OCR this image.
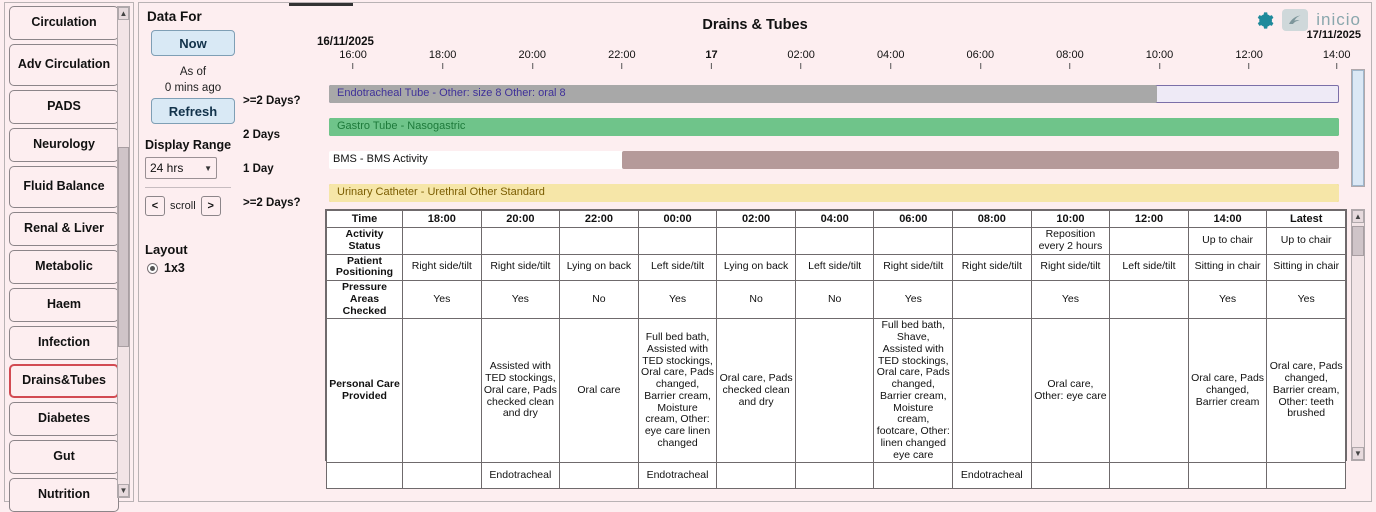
Circulation
Adv Circulation
PADS
Neurology
Fluid Balance
Renal & Liver
Metabolic
Haem
Infection
Drains&Tubes
Diabetes
Gut
Nutrition
▲
▼
Data For
Now
As of
0 mins ago
Refresh
Display Range
24 hrs	▼
<	scroll	>
Layout
1x3
>=2 Days?
2 Days
1 Day
>=2 Days?
Drains & Tubes	inicio
16/11/2025
17/11/2025
16:00	18:00	20:00	22:00	17	02:00	04:00	06:00	08:00	10:00	12:00	14:00
Endotracheal Tube - Other: size 8 Other: oral 8
Gastro Tube - Nasogastric
BMS - BMS Activity
Urinary Catheter - Urethral Other Standard
Time	18:00	20:00	22:00	00:00	02:00	04:00	06:00	08:00	10:00	12:00	14:00	Latest
Activity Status									Reposition every 2 hours		Up to chair	Up to chair
Patient Positioning	Right side/tilt	Right side/tilt	Lying on back	Left side/tilt	Lying on back	Left side/tilt	Right side/tilt	Right side/tilt	Right side/tilt	Left side/tilt	Sitting in chair	Sitting in chair
Pressure Areas Checked	Yes	Yes	No	Yes	No	No	Yes		Yes		Yes	Yes
Personal Care Provided		Assisted with TED stockings, Oral care, Pads checked clean and dry	Oral care	Full bed bath, Assisted with TED stockings, Oral care, Pads changed, Barrier cream, Moisture cream, Other: eye care linen changed	Oral care, Pads checked clean and dry		Full bed bath, Shave, Assisted with TED stockings, Oral care, Pads changed, Barrier cream, Moisture cream, footcare, Other: linen changed eye care		Oral care, Other: eye care		Oral care, Pads changed, Barrier cream	Oral care, Pads changed, Barrier cream, Other: teeth brushed
		Endotracheal		Endotracheal				Endotracheal				
▲
▼
